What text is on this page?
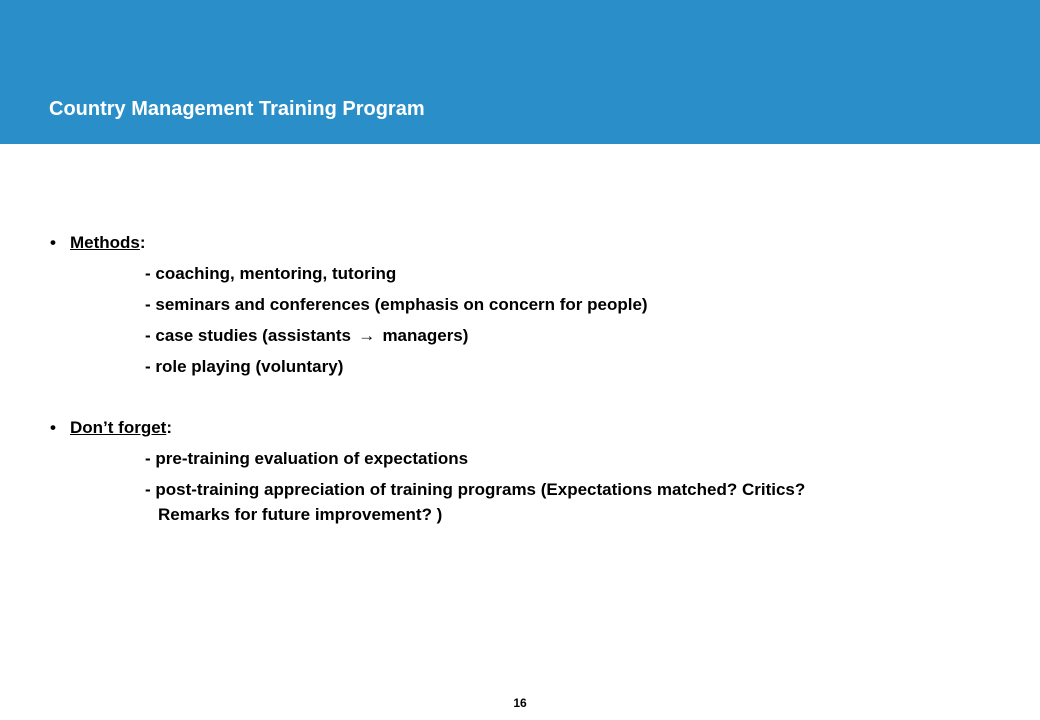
Country Management Training Program
• Methods:
- coaching, mentoring, tutoring
- seminars and conferences (emphasis on concern for people)
- case studies (assistants → managers)
- role playing (voluntary)
• Don’t forget:
- pre-training evaluation of expectations
- post-training appreciation of training programs (Expectations matched? Critics?
Remarks for future improvement? )
16
